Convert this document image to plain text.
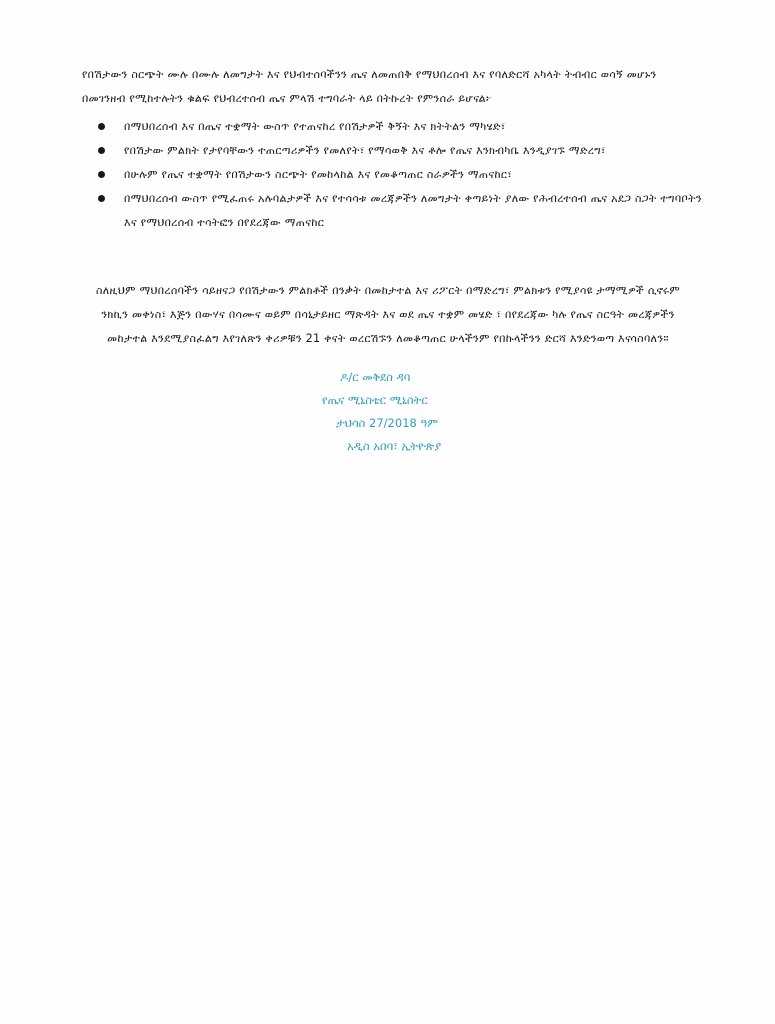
የበሽታውን ስርጭት ሙሉ በሙሉ ለመግታት እና የህብተሰባችንን ጤና ለመጠበቅ የማህበረሰብ እና የባለድርሻ አካላት ትብብር ወሳኝ መሆኑን በመገንዘብ የሚከተሉትን ቁልፍ የህብረተሰብ ጤና ምላሽ ተግባራት ላይ በትኩረት የምንሰራ ይሆናል፦

በማህበረሰብ እና በጤና ተቋማት ውስጥ የተጠናከረ የበሽታዎች ቅኝት እና ክትትልን ማካሄድ፣
የበሽታው ምልክት የታየባቸውን ተጠርጣሪዎችን የመለየት፣ የማሳወቅ እና ቶሎ የጤና እንክብካቤ እንዲያገኙ ማድረግ፣
በሁሉም የጤና ተቋማት የበሽታውን ስርጭት የመከላከል እና የመቆጣጠር ስራዎችን ማጠናከር፣
በማህበረሰብ ውስጥ የሚፈጠሩ አሉባልታዎች እና የተሳሳቱ መረጃዎችን ለመግታት ቀጣይነት ያለው የሕብረተሰብ ጤና አደጋ ስጋት ተግባቦትን እና የማህበረሰብ ተሳትፎን በየደረጃው ማጠናከር

ስለዚህም ማህበረሰባችን ሳይዘናጋ የበሽታውን ምልክቶች በንቃት በመከታተል እና ሪፖርት በማድረግ፣ ምልክቱን የሚያሳዩ ታማሚዎች ሲኖሩም ንክኪን መቀነስ፣ እጅን በውሃና በሳሙና ወይም በሳኒታይዘር ማጽዳት እና ወደ ጤና ተቋም መሄድ ፣ በየደረጃው ካሉ የጤና ስርዓት መረጃዎችን መከታተል እንደሚያስፈልግ እየገለጽን ቀሪዎቹን 21 ቀናት ወረርሽኙን ለመቆጣጠር ሁላችንም የበኩላችንን ድርሻ እንድንወጣ እናሳስባለን።

ዶ/ር መቅደስ ዳባ
የጤና ሚኒስቴር ሚኒስትር
ታህሳስ 27/2018 ዓም
አዲስ አበባ፣ ኢትዮጵያ
